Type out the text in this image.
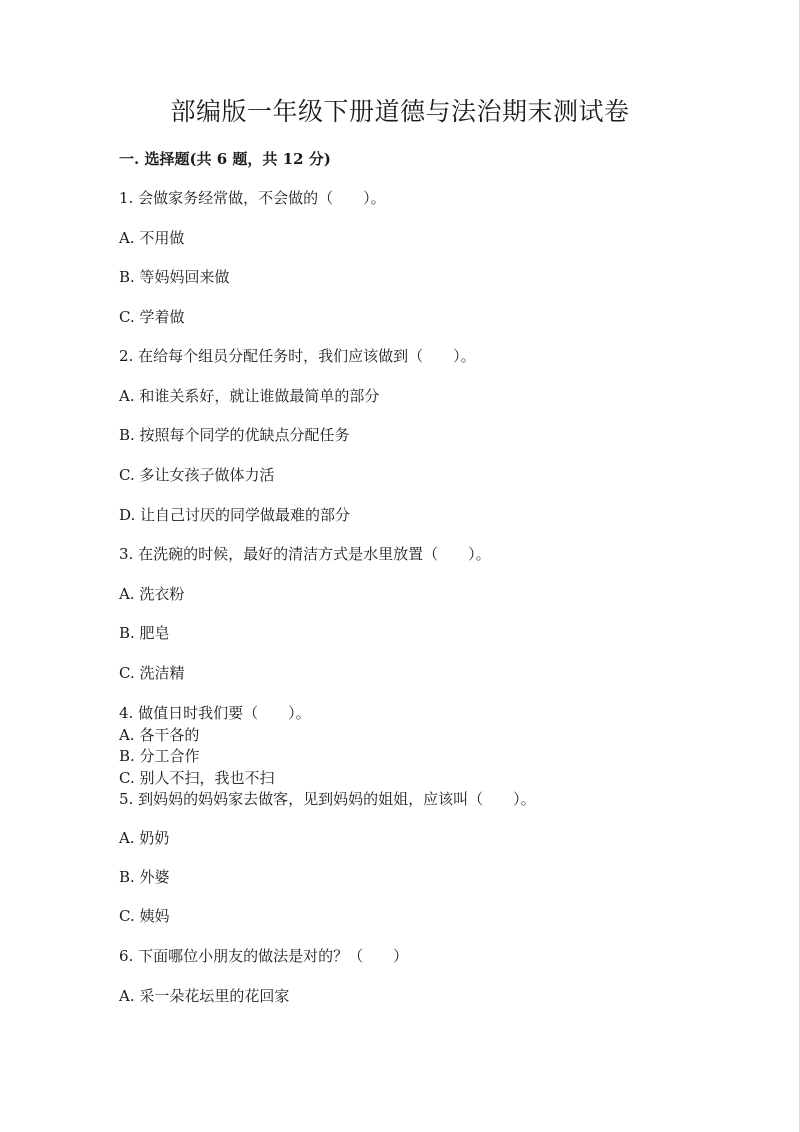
部编版一年级下册道德与法治期末测试卷
一. 选择题(共 6 题，共 12 分)
1. 会做家务经常做，不会做的（　　）。
A. 不用做
B. 等妈妈回来做
C. 学着做
2. 在给每个组员分配任务时，我们应该做到（　　）。
A. 和谁关系好，就让谁做最简单的部分
B. 按照每个同学的优缺点分配任务
C. 多让女孩子做体力活
D. 让自己讨厌的同学做最难的部分
3. 在洗碗的时候，最好的清洁方式是水里放置（　　）。
A. 洗衣粉
B. 肥皂
C. 洗洁精
4. 做值日时我们要（　　）。
A. 各干各的
B. 分工合作
C. 别人不扫，我也不扫
5. 到妈妈的妈妈家去做客，见到妈妈的姐姐，应该叫（　　）。
A. 奶奶
B. 外婆
C. 姨妈
6. 下面哪位小朋友的做法是对的？（　　）
A. 采一朵花坛里的花回家
